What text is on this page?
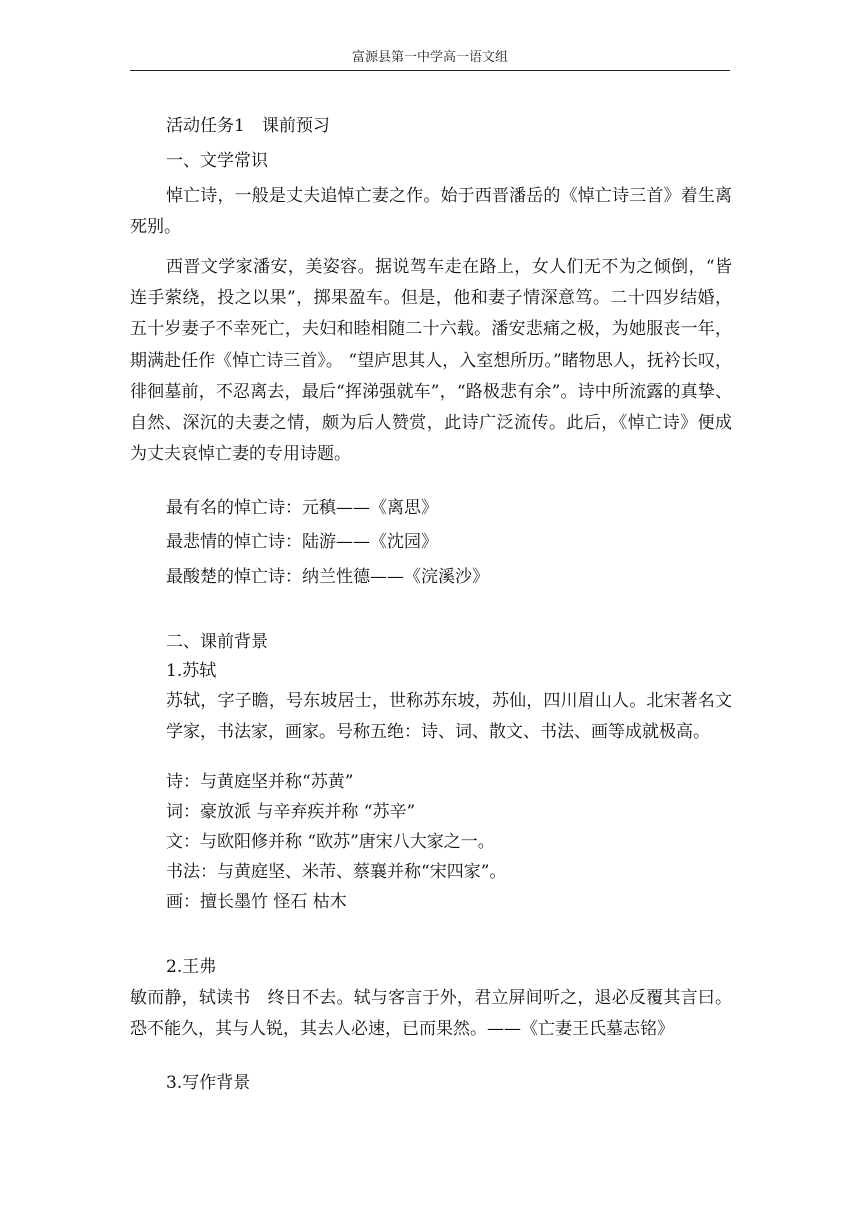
富源县第一中学高一语文组
活动任务1　课前预习
一、文学常识

悼亡诗，一般是丈夫追悼亡妻之作。始于西晋潘岳的《悼亡诗三首》着生离死别。

西晋文学家潘安，美姿容。据说驾车走在路上，女人们无不为之倾倒，“皆连手萦绕，投之以果”，掷果盈车。但是，他和妻子情深意笃。二十四岁结婚，五十岁妻子不幸死亡，夫妇和睦相随二十六载。潘安悲痛之极，为她服丧一年，期满赴任作《悼亡诗三首》。 “望庐思其人，入室想所历。”睹物思人，抚衿长叹，徘徊墓前，不忍离去，最后“挥涕强就车”，“路极悲有余”。诗中所流露的真挚、自然、深沉的夫妻之情，颇为后人赞赏，此诗广泛流传。此后，《悼亡诗》便成为丈夫哀悼亡妻的专用诗题。

最有名的悼亡诗：元稹——《离思》
最悲情的悼亡诗：陆游——《沈园》
最酸楚的悼亡诗：纳兰性德——《浣溪沙》
二、课前背景
1.苏轼

苏轼，字子瞻，号东坡居士，世称苏东坡，苏仙，四川眉山人。北宋著名文学家，书法家，画家。号称五绝：诗、词、散文、书法、画等成就极高。

诗：与黄庭坚并称“苏黄”
词：豪放派 与辛弃疾并称 “苏辛”
文：与欧阳修并称 “欧苏”唐宋八大家之一。
书法：与黄庭坚、米芾、蔡襄并称“宋四家”。
画：擅长墨竹 怪石 枯木
2.王弗

敏而静，轼读书　终日不去。轼与客言于外，君立屏间听之，退必反覆其言曰。恐不能久，其与人锐，其去人必速，已而果然。——《亡妻王氏墓志铭》

3.写作背景
